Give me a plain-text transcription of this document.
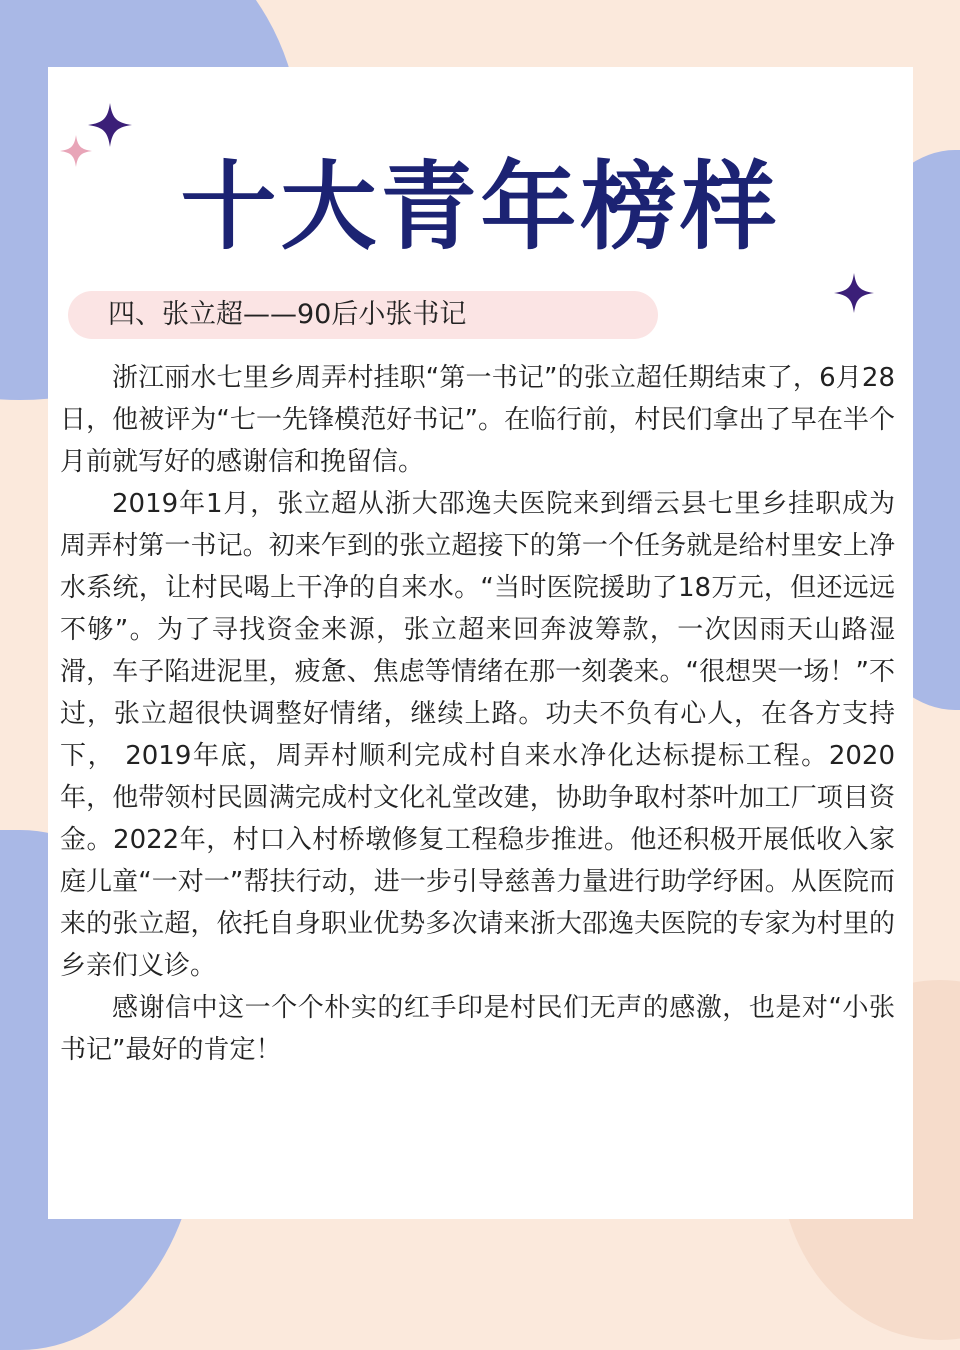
十大青年榜样
四、张立超——90后小张书记

浙江丽水七里乡周弄村挂职“第一书记”的张立超任期结束了，6月28日，他被评为“七一先锋模范好书记”。在临行前，村民们拿出了早在半个月前就写好的感谢信和挽留信。

2019年1月，张立超从浙大邵逸夫医院来到缙云县七里乡挂职成为周弄村第一书记。初来乍到的张立超接下的第一个任务就是给村里安上净水系统，让村民喝上干净的自来水。“当时医院援助了18万元，但还远远不够”。为了寻找资金来源，张立超来回奔波筹款，一次因雨天山路湿滑，车子陷进泥里，疲惫、焦虑等情绪在那一刻袭来。“很想哭一场！”不过，张立超很快调整好情绪，继续上路。功夫不负有心人，在各方支持下， 2019年底，周弄村顺利完成村自来水净化达标提标工程。2020年，他带领村民圆满完成村文化礼堂改建，协助争取村茶叶加工厂项目资金。2022年，村口入村桥墩修复工程稳步推进。他还积极开展低收入家庭儿童“一对一”帮扶行动，进一步引导慈善力量进行助学纾困。从医院而来的张立超，依托自身职业优势多次请来浙大邵逸夫医院的专家为村里的乡亲们义诊。

感谢信中这一个个朴实的红手印是村民们无声的感激，也是对“小张书记”最好的肯定！
